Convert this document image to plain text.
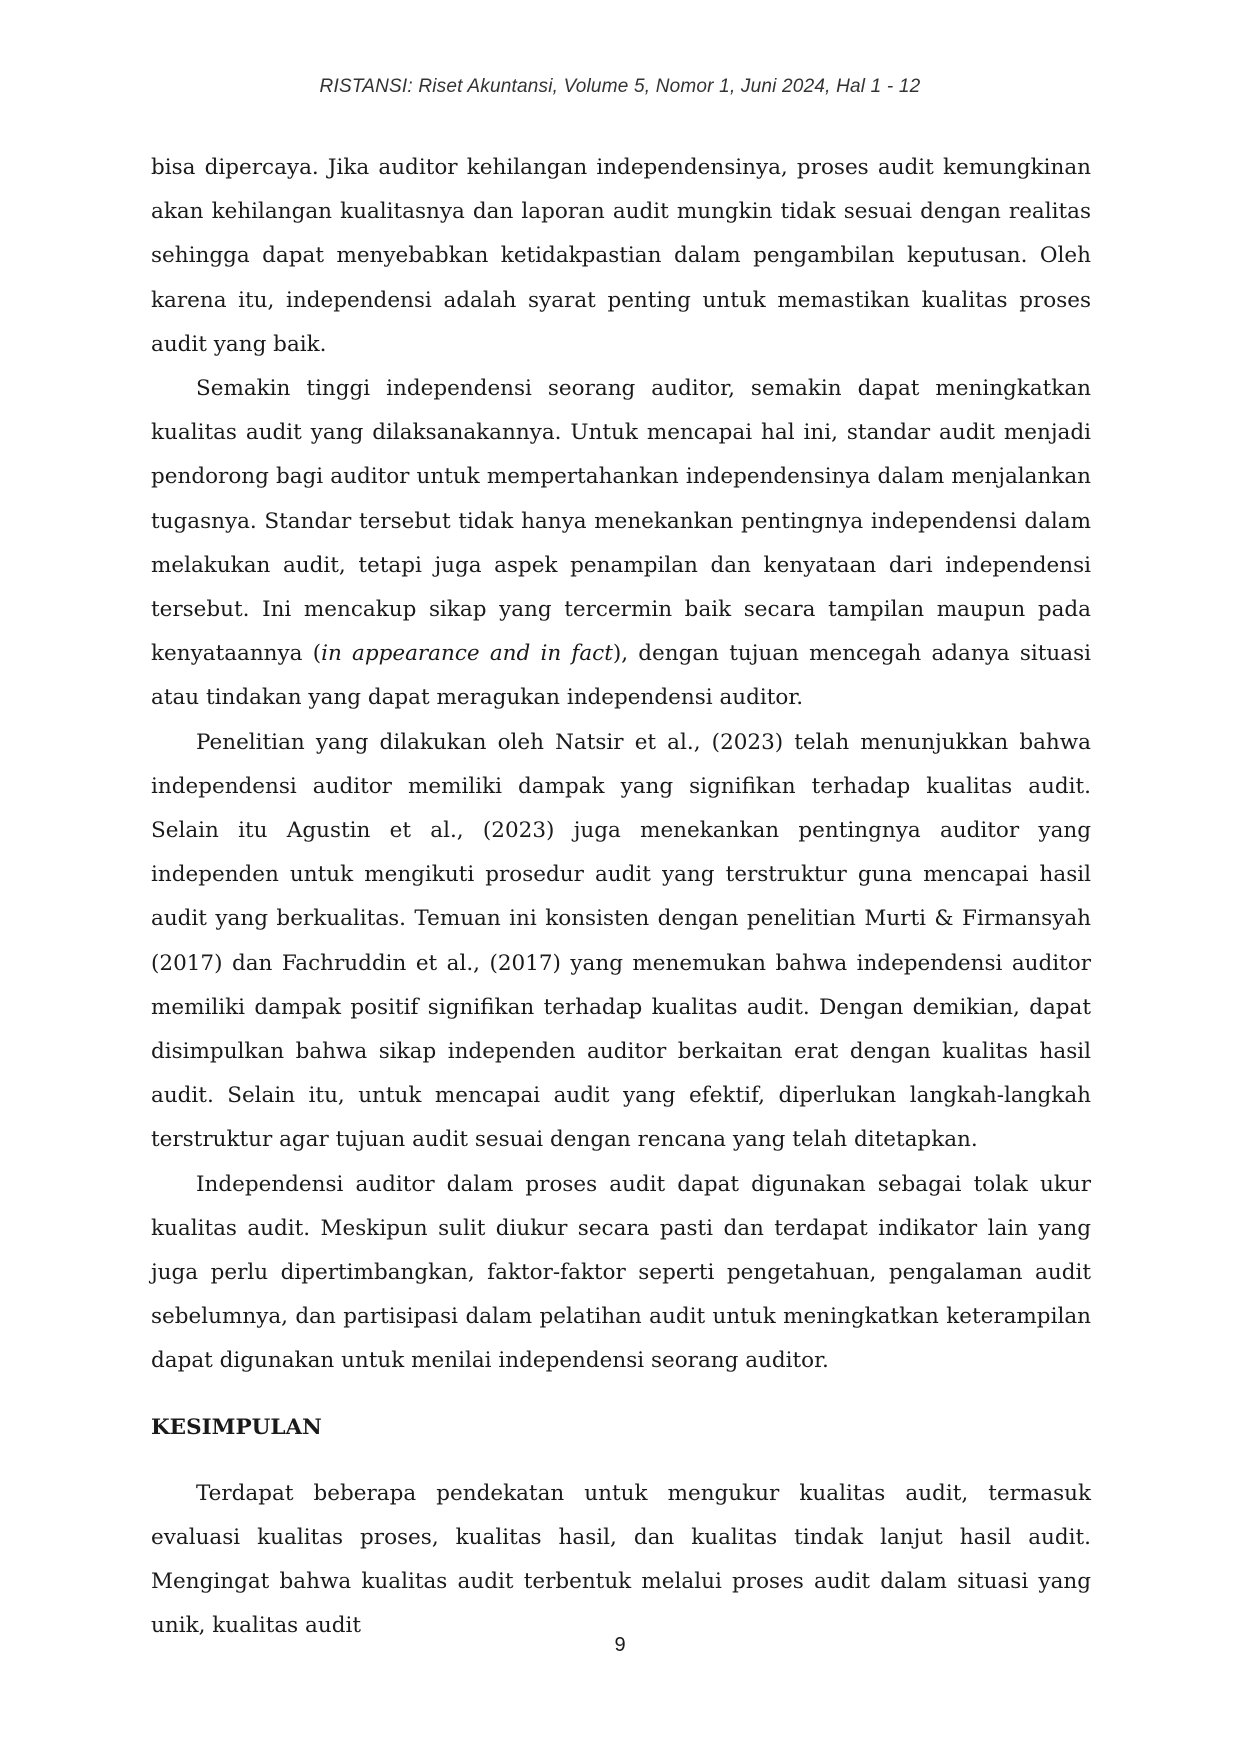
RISTANSI: Riset Akuntansi, Volume 5, Nomor 1, Juni 2024, Hal 1 - 12

bisa dipercaya. Jika auditor kehilangan independensinya, proses audit kemungkinan akan kehilangan kualitasnya dan laporan audit mungkin tidak sesuai dengan realitas sehingga dapat menyebabkan ketidakpastian dalam pengambilan keputusan. Oleh karena itu, independensi adalah syarat penting untuk memastikan kualitas proses audit yang baik.

Semakin tinggi independensi seorang auditor, semakin dapat meningkatkan kualitas audit yang dilaksanakannya. Untuk mencapai hal ini, standar audit menjadi pendorong bagi auditor untuk mempertahankan independensinya dalam menjalankan tugasnya. Standar tersebut tidak hanya menekankan pentingnya independensi dalam melakukan audit, tetapi juga aspek penampilan dan kenyataan dari independensi tersebut. Ini mencakup sikap yang tercermin baik secara tampilan maupun pada kenyataannya (in appearance and in fact), dengan tujuan mencegah adanya situasi atau tindakan yang dapat meragukan independensi auditor.

Penelitian yang dilakukan oleh Natsir et al., (2023) telah menunjukkan bahwa independensi auditor memiliki dampak yang signifikan terhadap kualitas audit. Selain itu Agustin et al., (2023) juga menekankan pentingnya auditor yang independen untuk mengikuti prosedur audit yang terstruktur guna mencapai hasil audit yang berkualitas. Temuan ini konsisten dengan penelitian Murti & Firmansyah (2017) dan Fachruddin et al., (2017) yang menemukan bahwa independensi auditor memiliki dampak positif signifikan terhadap kualitas audit. Dengan demikian, dapat disimpulkan bahwa sikap independen auditor berkaitan erat dengan kualitas hasil audit. Selain itu, untuk mencapai audit yang efektif, diperlukan langkah-langkah terstruktur agar tujuan audit sesuai dengan rencana yang telah ditetapkan.

Independensi auditor dalam proses audit dapat digunakan sebagai tolak ukur kualitas audit. Meskipun sulit diukur secara pasti dan terdapat indikator lain yang juga perlu dipertimbangkan, faktor-faktor seperti pengetahuan, pengalaman audit sebelumnya, dan partisipasi dalam pelatihan audit untuk meningkatkan keterampilan dapat digunakan untuk menilai independensi seorang auditor.

KESIMPULAN

Terdapat beberapa pendekatan untuk mengukur kualitas audit, termasuk evaluasi kualitas proses, kualitas hasil, dan kualitas tindak lanjut hasil audit. Mengingat bahwa kualitas audit terbentuk melalui proses audit dalam situasi yang unik, kualitas audit

9
